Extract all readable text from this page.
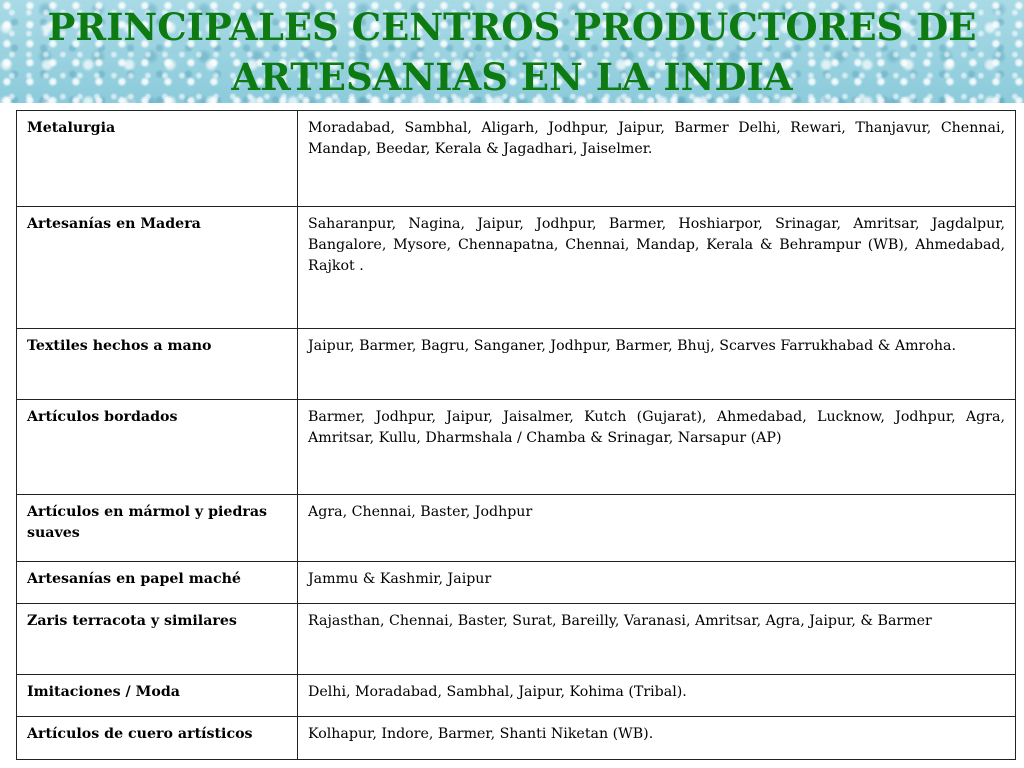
PRINCIPALES CENTROS PRODUCTORES DE
ARTESANIAS EN LA INDIA
Metalurgia	Moradabad, Sambhal, Aligarh, Jodhpur, Jaipur, Barmer Delhi, Rewari, Thanjavur, Chennai, Mandap, Beedar, Kerala & Jagadhari, Jaiselmer.
Artesanías en Madera	Saharanpur, Nagina, Jaipur, Jodhpur, Barmer, Hoshiarpor, Srinagar, Amritsar, Jagdalpur, Bangalore, Mysore, Chennapatna, Chennai, Mandap, Kerala & Behrampur (WB), Ahmedabad, Rajkot .
Textiles hechos a mano	Jaipur, Barmer, Bagru, Sanganer, Jodhpur, Barmer, Bhuj, Scarves Farrukhabad & Amroha.
Artículos bordados	Barmer, Jodhpur, Jaipur, Jaisalmer, Kutch (Gujarat), Ahmedabad, Lucknow, Jodhpur, Agra, Amritsar, Kullu, Dharmshala / Chamba & Srinagar, Narsapur (AP)
Artículos en mármol y piedras suaves	Agra, Chennai, Baster, Jodhpur
Artesanías en papel maché	Jammu & Kashmir, Jaipur
Zaris terracota y similares	Rajasthan, Chennai, Baster, Surat, Bareilly, Varanasi, Amritsar, Agra, Jaipur, & Barmer
Imitaciones / Moda	Delhi, Moradabad, Sambhal, Jaipur, Kohima (Tribal).
Artículos de cuero artísticos	Kolhapur, Indore, Barmer, Shanti Niketan (WB).
